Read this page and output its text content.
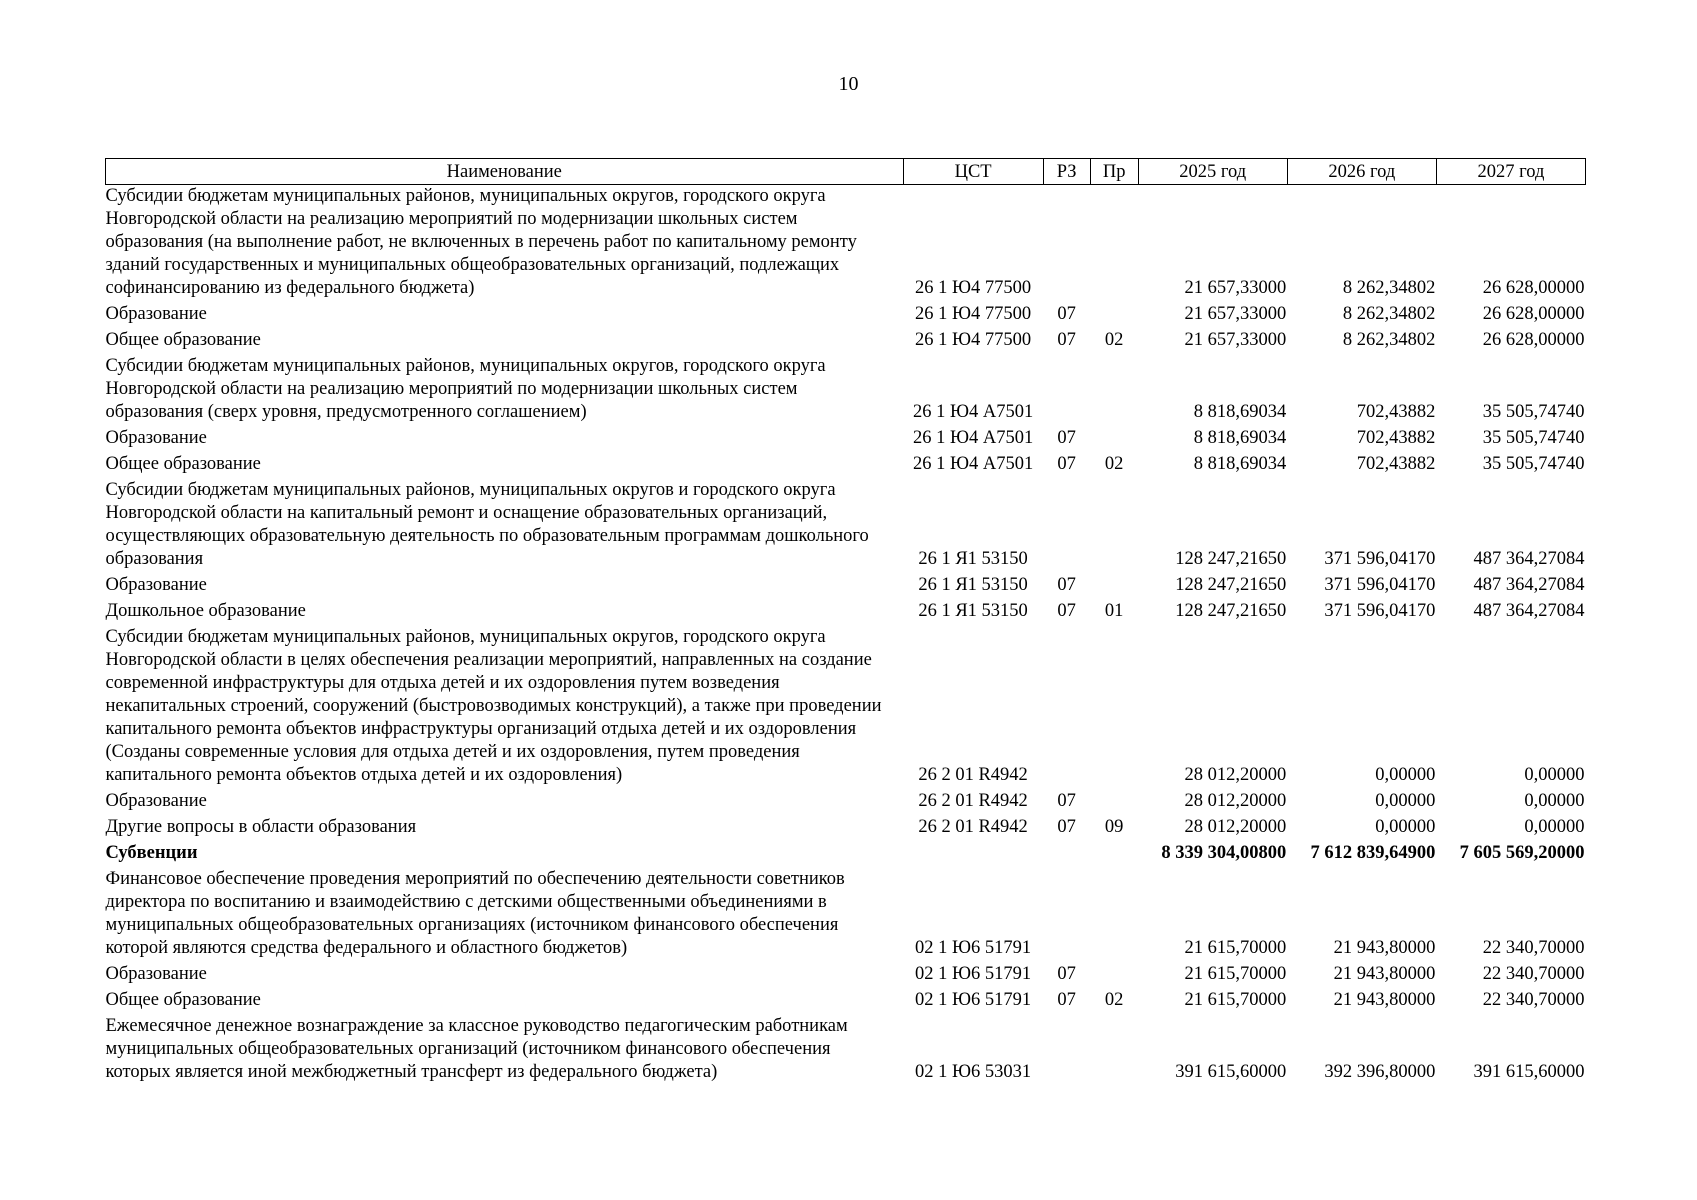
10
Наименование	ЦСТ	РЗ	Пр	2025 год	2026 год	2027 год
Субсидии бюджетам муниципальных районов, муниципальных округов, городского округа Новгородской области на реализацию мероприятий по модернизации школьных систем образования (на выполнение работ, не включенных в перечень работ по капитальному ремонту зданий государственных и муниципальных общеобразовательных организаций, подлежащих софинансированию из федерального бюджета)	26 1 Ю4 77500			21 657,33000	8 262,34802	26 628,00000
Образование	26 1 Ю4 77500	07		21 657,33000	8 262,34802	26 628,00000
Общее образование	26 1 Ю4 77500	07	02	21 657,33000	8 262,34802	26 628,00000
Субсидии бюджетам муниципальных районов, муниципальных округов, городского округа Новгородской области на реализацию мероприятий по модернизации школьных систем образования (сверх уровня, предусмотренного соглашением)	26 1 Ю4 А7501			8 818,69034	702,43882	35 505,74740
Образование	26 1 Ю4 А7501	07		8 818,69034	702,43882	35 505,74740
Общее образование	26 1 Ю4 А7501	07	02	8 818,69034	702,43882	35 505,74740
Субсидии бюджетам муниципальных районов, муниципальных округов и городского округа Новгородской области на капитальный ремонт и оснащение образовательных организаций, осуществляющих образовательную деятельность по образовательным программам дошкольного образования	26 1 Я1 53150			128 247,21650	371 596,04170	487 364,27084
Образование	26 1 Я1 53150	07		128 247,21650	371 596,04170	487 364,27084
Дошкольное образование	26 1 Я1 53150	07	01	128 247,21650	371 596,04170	487 364,27084
Субсидии бюджетам муниципальных районов, муниципальных округов, городского округа Новгородской области в целях обеспечения реализации мероприятий, направленных на создание современной инфраструктуры для отдыха детей и их оздоровления путем возведения некапитальных строений, сооружений (быстровозводимых конструкций), а также при проведении капитального ремонта объектов инфраструктуры организаций отдыха детей и их оздоровления (Созданы современные условия для отдыха детей и их оздоровления, путем проведения капитального ремонта объектов отдыха детей и их оздоровления)	26 2 01 R4942			28 012,20000	0,00000	0,00000
Образование	26 2 01 R4942	07		28 012,20000	0,00000	0,00000
Другие вопросы в области образования	26 2 01 R4942	07	09	28 012,20000	0,00000	0,00000
Субвенции				8 339 304,00800	7 612 839,64900	7 605 569,20000
Финансовое обеспечение проведения мероприятий по обеспечению деятельности советников директора по воспитанию и взаимодействию с детскими общественными объединениями в муниципальных общеобразовательных организациях (источником финансового обеспечения которой являются средства федерального и областного бюджетов)	02 1 Ю6 51791			21 615,70000	21 943,80000	22 340,70000
Образование	02 1 Ю6 51791	07		21 615,70000	21 943,80000	22 340,70000
Общее образование	02 1 Ю6 51791	07	02	21 615,70000	21 943,80000	22 340,70000
Ежемесячное денежное вознаграждение за классное руководство педагогическим работникам муниципальных общеобразовательных организаций (источником финансового обеспечения которых является иной межбюджетный трансферт из федерального бюджета)	02 1 Ю6 53031			391 615,60000	392 396,80000	391 615,60000
